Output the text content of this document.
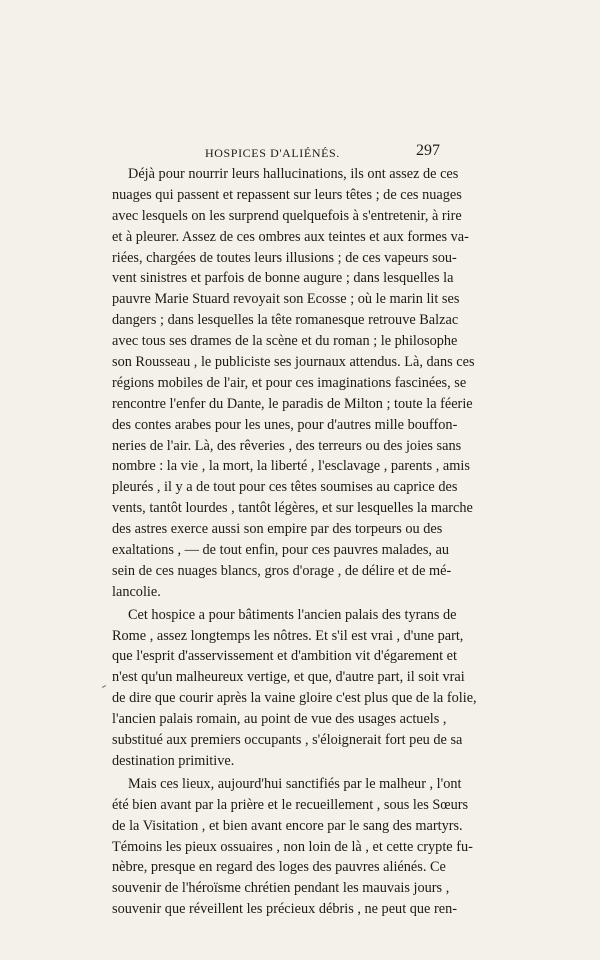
HOSPICES D'ALIÉNÉS.	297
Déjà pour nourrir leurs hallucinations, ils ont assez de ces
nuages qui passent et repassent sur leurs têtes ; de ces nuages
avec lesquels on les surprend quelquefois à s'entretenir, à rire
et à pleurer. Assez de ces ombres aux teintes et aux formes va-
riées, chargées de toutes leurs illusions ; de ces vapeurs sou-
vent sinistres et parfois de bonne augure ; dans lesquelles la
pauvre Marie Stuard revoyait son Ecosse ; où le marin lit ses
dangers ; dans lesquelles la tête romanesque retrouve Balzac
avec tous ses drames de la scène et du roman ; le philosophe
son Rousseau , le publiciste ses journaux attendus. Là, dans ces
régions mobiles de l'air, et pour ces imaginations fascinées, se
rencontre l'enfer du Dante, le paradis de Milton ; toute la féerie
des contes arabes pour les unes, pour d'autres mille bouffon-
neries de l'air. Là, des rêveries , des terreurs ou des joies sans
nombre : la vie , la mort, la liberté , l'esclavage , parents , amis
pleurés , il y a de tout pour ces têtes soumises au caprice des
vents, tantôt lourdes , tantôt légères, et sur lesquelles la marche
des astres exerce aussi son empire par des torpeurs ou des
exaltations , — de tout enfin, pour ces pauvres malades, au
sein de ces nuages blancs, gros d'orage , de délire et de mé-
lancolie.
Cet hospice a pour bâtiments l'ancien palais des tyrans de
Rome , assez longtemps les nôtres. Et s'il est vrai , d'une part,
que l'esprit d'asservissement et d'ambition vit d'égarement et
n'est qu'un malheureux vertige, et que, d'autre part, il soit vrai
de dire que courir après la vaine gloire c'est plus que de la folie,
l'ancien palais romain, au point de vue des usages actuels ,
substitué aux premiers occupants , s'éloignerait fort peu de sa
destination primitive.
Mais ces lieux, aujourd'hui sanctifiés par le malheur , l'ont
été bien avant par la prière et le recueillement , sous les Sœurs
de la Visitation , et bien avant encore par le sang des martyrs.
Témoins les pieux ossuaires , non loin de là , et cette crypte fu-
nèbre, presque en regard des loges des pauvres aliénés. Ce
souvenir de l'héroïsme chrétien pendant les mauvais jours ,
souvenir que réveillent les précieux débris , ne peut que ren-
